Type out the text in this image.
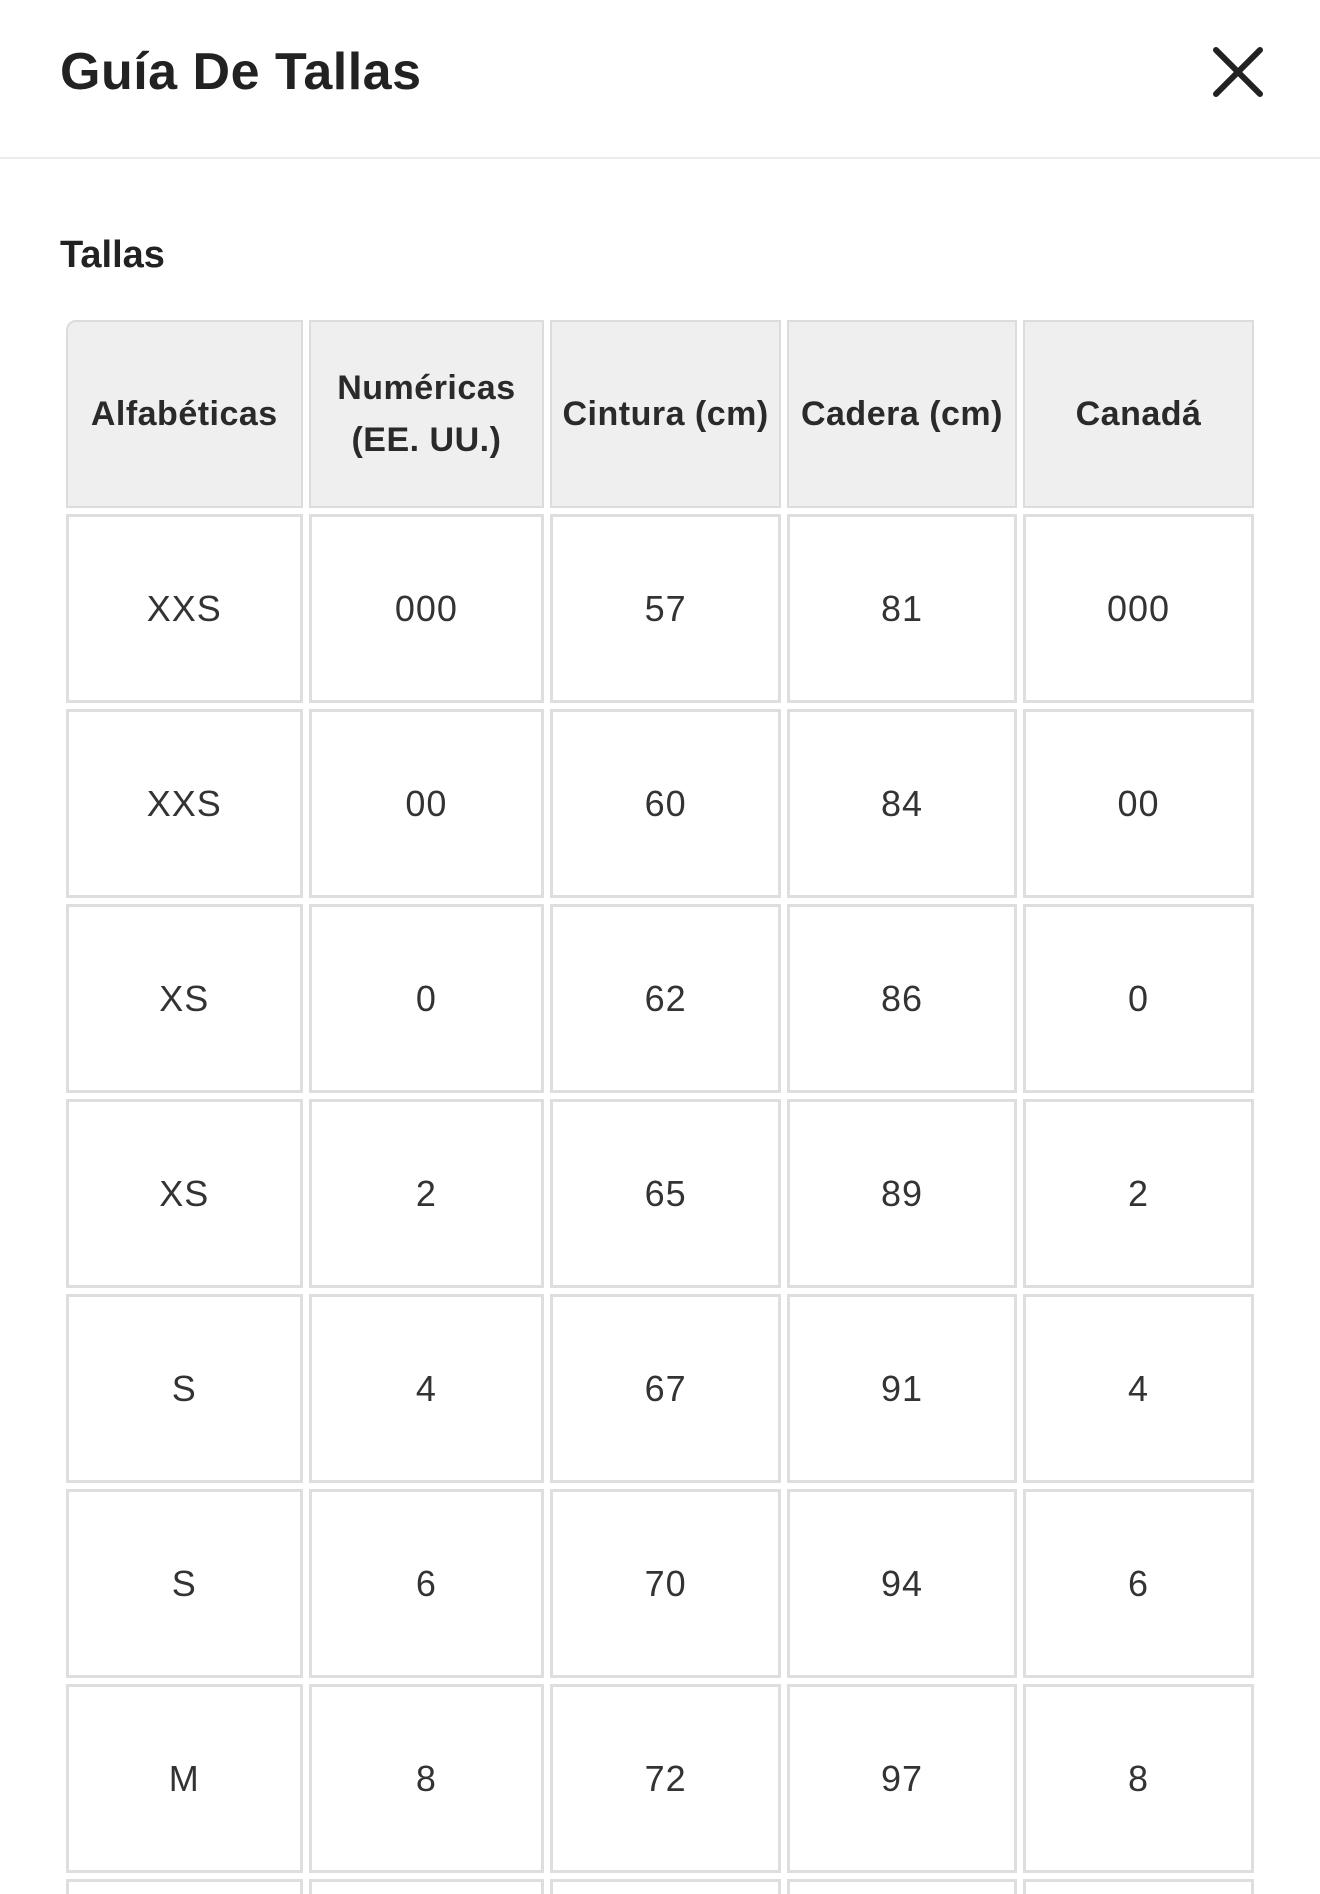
Guía De Tallas
Tallas
Alfabéticas	Numéricas (EE. UU.)	Cintura (cm)	Cadera (cm)	Canadá
XXS	000	57	81	000
XXS	00	60	84	00
XS	0	62	86	0
XS	2	65	89	2
S	4	67	91	4
S	6	70	94	6
M	8	72	97	8
